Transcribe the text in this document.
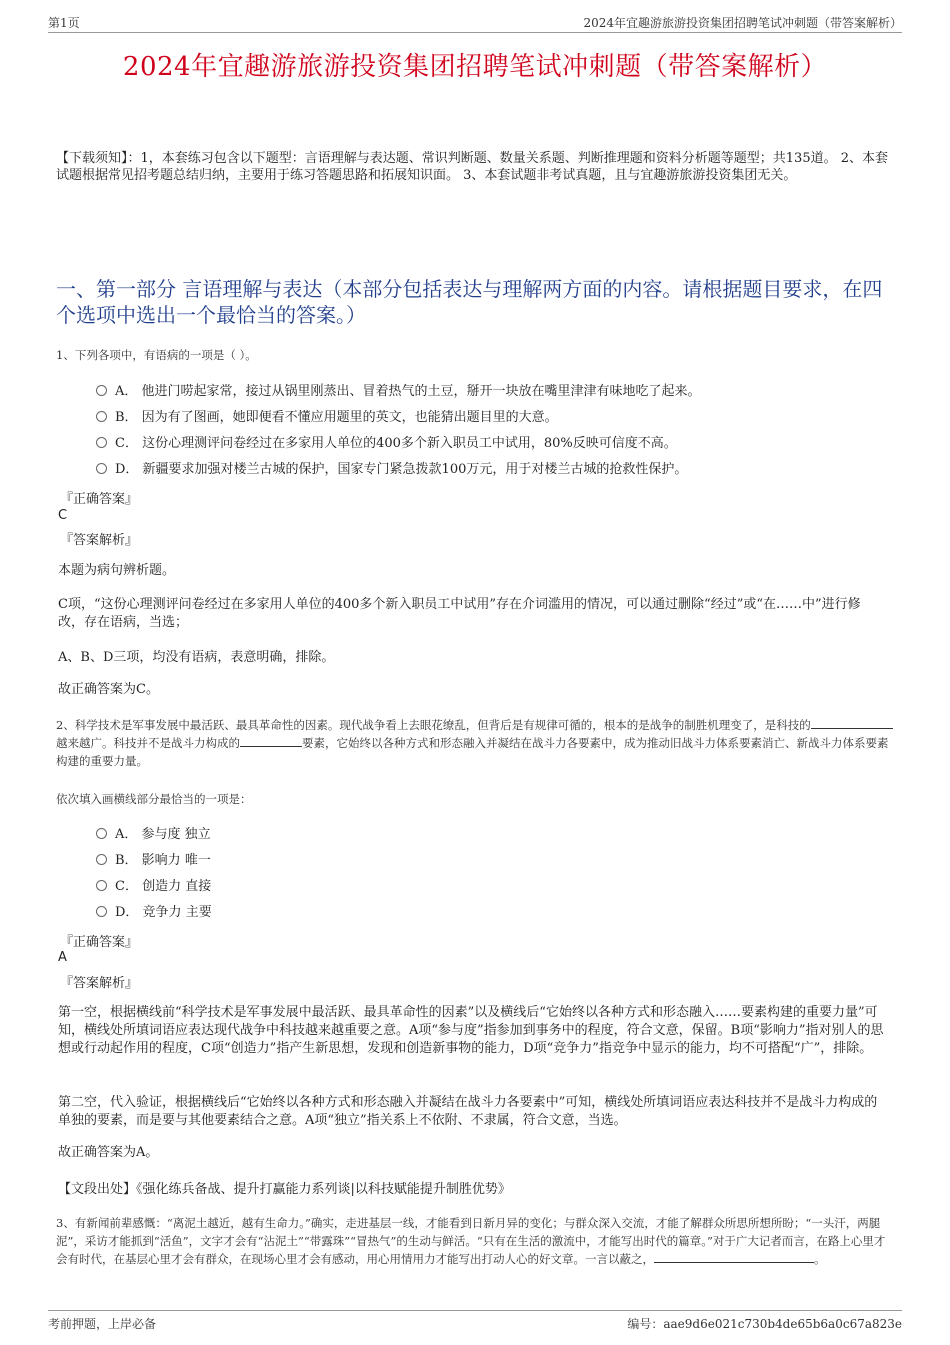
第1页	2024年宜趣游旅游投资集团招聘笔试冲刺题（带答案解析）
2024年宜趣游旅游投资集团招聘笔试冲刺题（带答案解析）
【下载须知】：1，本套练习包含以下题型：言语理解与表达题、常识判断题、数量关系题、判断推理题和资料分析题等题型；共135道。 2、本套试题根据常见招考题总结归纳，主要用于练习答题思路和拓展知识面。 3、本套试题非考试真题，且与宜趣游旅游投资集团无关。
一、第一部分 言语理解与表达（本部分包括表达与理解两方面的内容。请根据题目要求，在四个选项中选出一个最恰当的答案。）
1、下列各项中，有语病的一项是（ ）。
A． 他进门唠起家常，接过从锅里刚蒸出、冒着热气的土豆，掰开一块放在嘴里津津有味地吃了起来。
B． 因为有了图画，她即便看不懂应用题里的英文，也能猜出题目里的大意。
C． 这份心理测评问卷经过在多家用人单位的400多个新入职员工中试用，80%反映可信度不高。
D． 新疆要求加强对楼兰古城的保护，国家专门紧急拨款100万元，用于对楼兰古城的抢救性保护。
『正确答案』
C
『答案解析』
本题为病句辨析题。
C项，“这份心理测评问卷经过在多家用人单位的400多个新入职员工中试用”存在介词滥用的情况，可以通过删除“经过”或“在……中”进行修改，存在语病，当选；
A、B、D三项，均没有语病，表意明确，排除。
故正确答案为C。
2、科学技术是军事发展中最活跃、最具革命性的因素。现代战争看上去眼花缭乱，但背后是有规律可循的，根本的是战争的制胜机理变了，是科技的越来越广。科技并不是战斗力构成的	要素，它始终以各种方式和形态融入并凝结在战斗力各要素中，成为推动旧战斗力体系要素消亡、新战斗力体系要素构建的重要力量。
依次填入画横线部分最恰当的一项是：
A． 参与度 独立
B． 影响力 唯一
C． 创造力 直接
D． 竞争力 主要
『正确答案』
A
『答案解析』
第一空，根据横线前“科学技术是军事发展中最活跃、最具革命性的因素”以及横线后“它始终以各种方式和形态融入……要素构建的重要力量”可知，横线处所填词语应表达现代战争中科技越来越重要之意。A项“参与度”指参加到事务中的程度，符合文意，保留。B项“影响力”指对别人的思想或行动起作用的程度，C项“创造力”指产生新思想，发现和创造新事物的能力，D项“竞争力”指竞争中显示的能力，均不可搭配“广”，排除。
第二空，代入验证，根据横线后“它始终以各种方式和形态融入并凝结在战斗力各要素中”可知，横线处所填词语应表达科技并不是战斗力构成的单独的要素，而是要与其他要素结合之意。A项“独立”指关系上不依附、不隶属，符合文意，当选。
故正确答案为A。
【文段出处】《强化练兵备战、提升打赢能力系列谈|以科技赋能提升制胜优势》
3、有新闻前辈感慨：“离泥土越近，越有生命力。”确实，走进基层一线，才能看到日新月异的变化；与群众深入交流，才能了解群众所思所想所盼；“一头汗，两腿泥”，采访才能抓到“活鱼”，文字才会有“沾泥土”“带露珠”“冒热气”的生动与鲜活。“只有在生活的激流中，才能写出时代的篇章。”对于广大记者而言，在路上心里才会有时代，在基层心里才会有群众，在现场心里才会有感动，用心用情用力才能写出打动人心的好文章。一言以蔽之，	。
考前押题，上岸必备	编号：aae9d6e021c730b4de65b6a0c67a823e
